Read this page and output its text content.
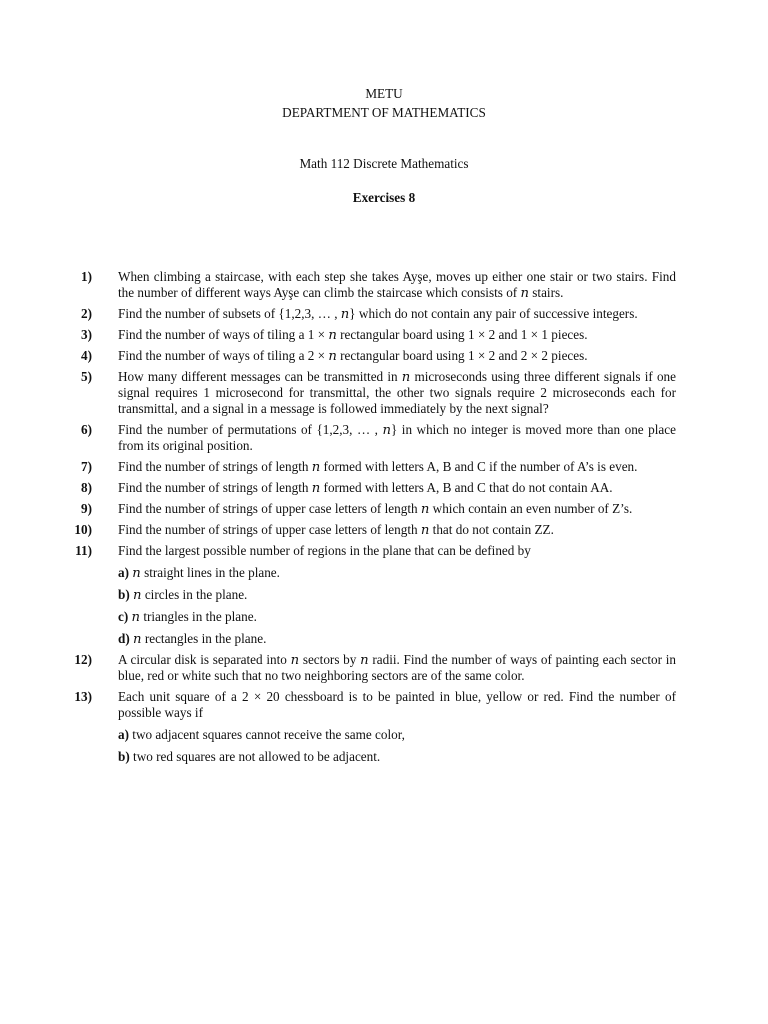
METU
DEPARTMENT OF MATHEMATICS
Math 112 Discrete Mathematics
Exercises 8
1) When climbing a staircase, with each step she takes Ayşe, moves up either one stair or two stairs. Find the number of different ways Ayşe can climb the staircase which consists of 𝑛 stairs.
2) Find the number of subsets of {1,2,3, … , 𝑛} which do not contain any pair of successive integers.
3) Find the number of ways of tiling a 1 × 𝑛 rectangular board using 1 × 2 and 1 × 1 pieces.
4) Find the number of ways of tiling a 2 × 𝑛 rectangular board using 1 × 2 and 2 × 2 pieces.
5) How many different messages can be transmitted in 𝑛 microseconds using three different signals if one signal requires 1 microsecond for transmittal, the other two signals require 2 microseconds each for transmittal, and a signal in a message is followed immediately by the next signal?
6) Find the number of permutations of {1,2,3, … , 𝑛} in which no integer is moved more than one place from its original position.
7) Find the number of strings of length 𝑛 formed with letters A, B and C if the number of A’s is even.
8) Find the number of strings of length 𝑛 formed with letters A, B and C that do not contain AA.
9) Find the number of strings of upper case letters of length 𝑛 which contain an even number of Z’s.
10) Find the number of strings of upper case letters of length 𝑛 that do not contain ZZ.
11) Find the largest possible number of regions in the plane that can be defined by
a) 𝑛 straight lines in the plane.
b) 𝑛 circles in the plane.
c) 𝑛 triangles in the plane.
d) 𝑛 rectangles in the plane.
12) A circular disk is separated into 𝑛 sectors by 𝑛 radii. Find the number of ways of painting each sector in blue, red or white such that no two neighboring sectors are of the same color.
13) Each unit square of a 2 × 20 chessboard is to be painted in blue, yellow or red. Find the number of possible ways if
a) two adjacent squares cannot receive the same color,
b) two red squares are not allowed to be adjacent.
